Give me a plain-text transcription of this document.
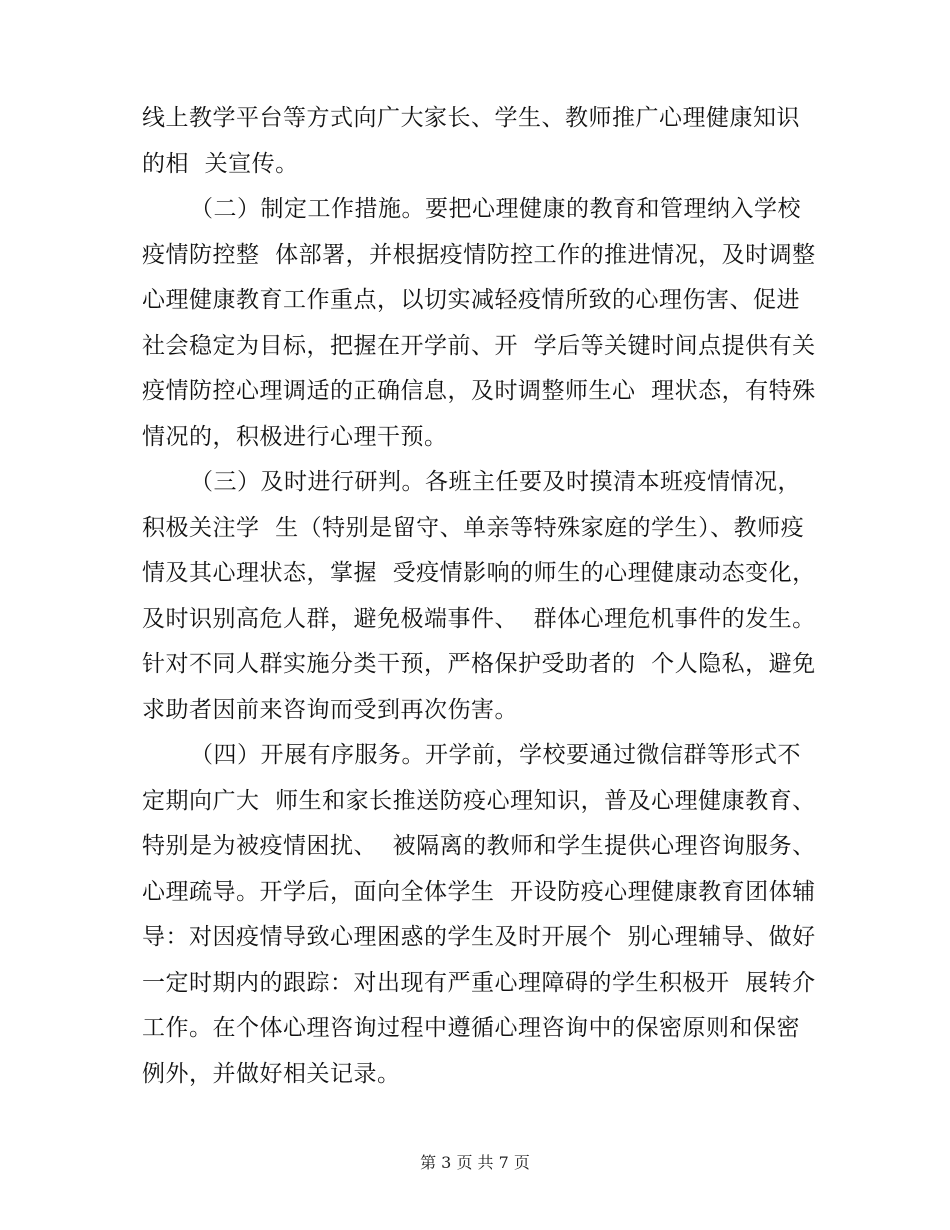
线上教学平台等方式向广大家长、学生、教师推广心理健康知识
的相  关宣传。
（二）制定工作措施。要把心理健康的教育和管理纳入学校
疫情防控整  体部署，并根据疫情防控工作的推进情况，及时调整
心理健康教育工作重点，以切实减轻疫情所致的心理伤害、促进
社会稳定为目标，把握在开学前、开  学后等关键时间点提供有关
疫情防控心理调适的正确信息，及时调整师生心  理状态，有特殊
情况的，积极进行心理干预。
（三）及时进行研判。各班主任要及时摸清本班疫情情况，
积极关注学  生（特别是留守、单亲等特殊家庭的学生）、教师疫
情及其心理状态，掌握  受疫情影响的师生的心理健康动态变化，
及时识别高危人群，避免极端事件、  群体心理危机事件的发生。
针对不同人群实施分类干预，严格保护受助者的  个人隐私，避免
求助者因前来咨询而受到再次伤害。
（四）开展有序服务。开学前，学校要通过微信群等形式不
定期向广大  师生和家长推送防疫心理知识，普及心理健康教育、
特别是为被疫情困扰、  被隔离的教师和学生提供心理咨询服务、
心理疏导。开学后，面向全体学生  开设防疫心理健康教育团体辅
导：对因疫情导致心理困惑的学生及时开展个  别心理辅导、做好
一定时期内的跟踪：对出现有严重心理障碍的学生积极开  展转介
工作。在个体心理咨询过程中遵循心理咨询中的保密原则和保密
例外，并做好相关记录。
第 3 页 共 7 页
